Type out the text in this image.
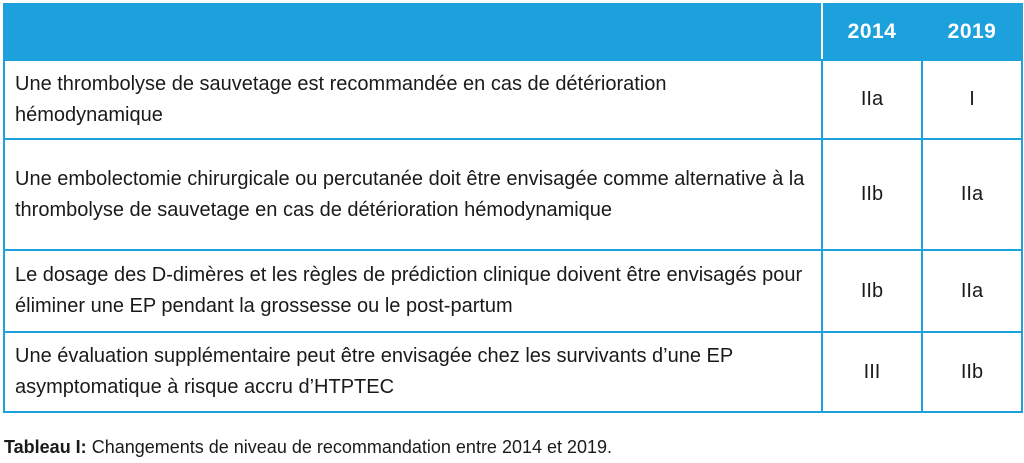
	2014	2019
Une thrombolyse de sauvetage est recommandée en cas de détérioration hémodynamique	IIa	I
Une embolectomie chirurgicale ou percutanée doit être envisagée comme alternative à la thrombolyse de sauvetage en cas de détérioration hémodynamique	IIb	IIa
Le dosage des D-dimères et les règles de prédiction clinique doivent être envisagés pour éliminer une EP pendant la grossesse ou le post-partum	IIb	IIa
Une évaluation supplémentaire peut être envisagée chez les survivants d’une EP asymptomatique à risque accru d’HTPTEC	III	IIb
Tableau I: Changements de niveau de recommandation entre 2014 et 2019.
